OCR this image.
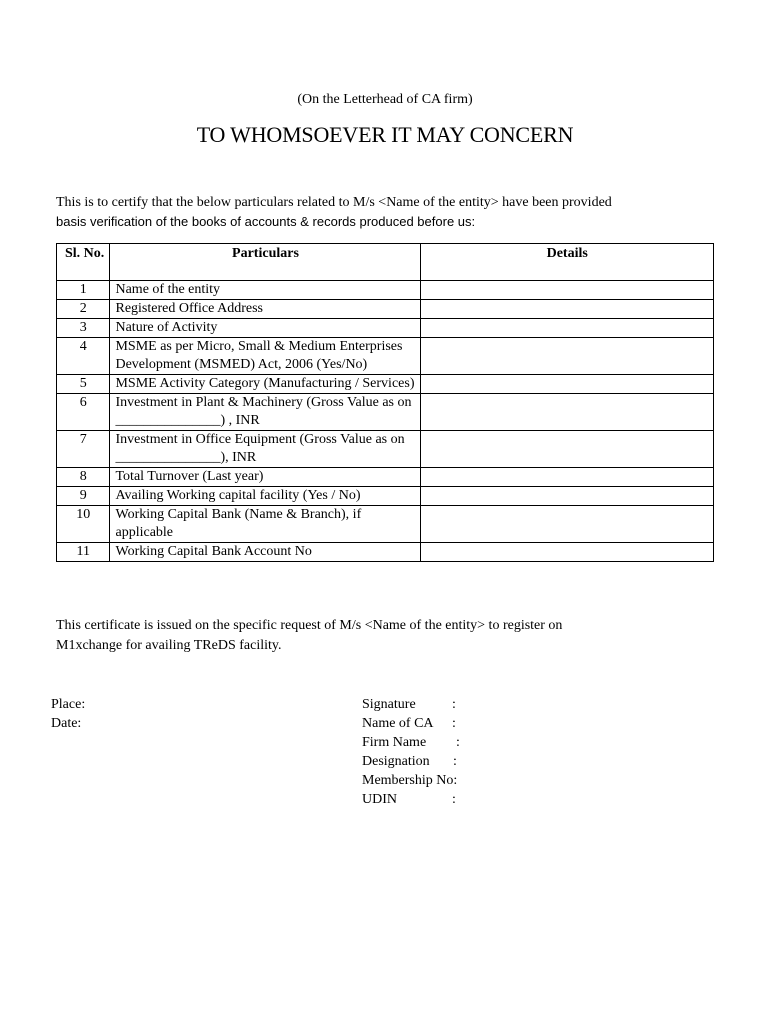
(On the Letterhead of CA firm)
TO WHOMSOEVER IT MAY CONCERN
This is to certify that the below particulars related to M/s <Name of the entity> have been provided
basis verification of the books of accounts & records produced before us:
Sl. No.	Particulars	Details
1	Name of the entity	
2	Registered Office Address	
3	Nature of Activity	
4	MSME as per Micro, Small & Medium Enterprises Development (MSMED) Act, 2006 (Yes/No)	
5	MSME Activity Category (Manufacturing / Services)	
6	Investment in Plant & Machinery (Gross Value as on _______________) , INR	
7	Investment in Office Equipment (Gross Value as on _______________), INR	
8	Total Turnover (Last year)	
9	Availing Working capital facility (Yes / No)	
10	Working Capital Bank (Name & Branch), if applicable	
11	Working Capital Bank Account No	
This certificate is issued on the specific request of M/s <Name of the entity> to register on
M1xchange for availing TReDS facility.
Place:
Date:
Signature	:
Name of CA	:
Firm Name	:
Designation	:
Membership No:
UDIN	:
